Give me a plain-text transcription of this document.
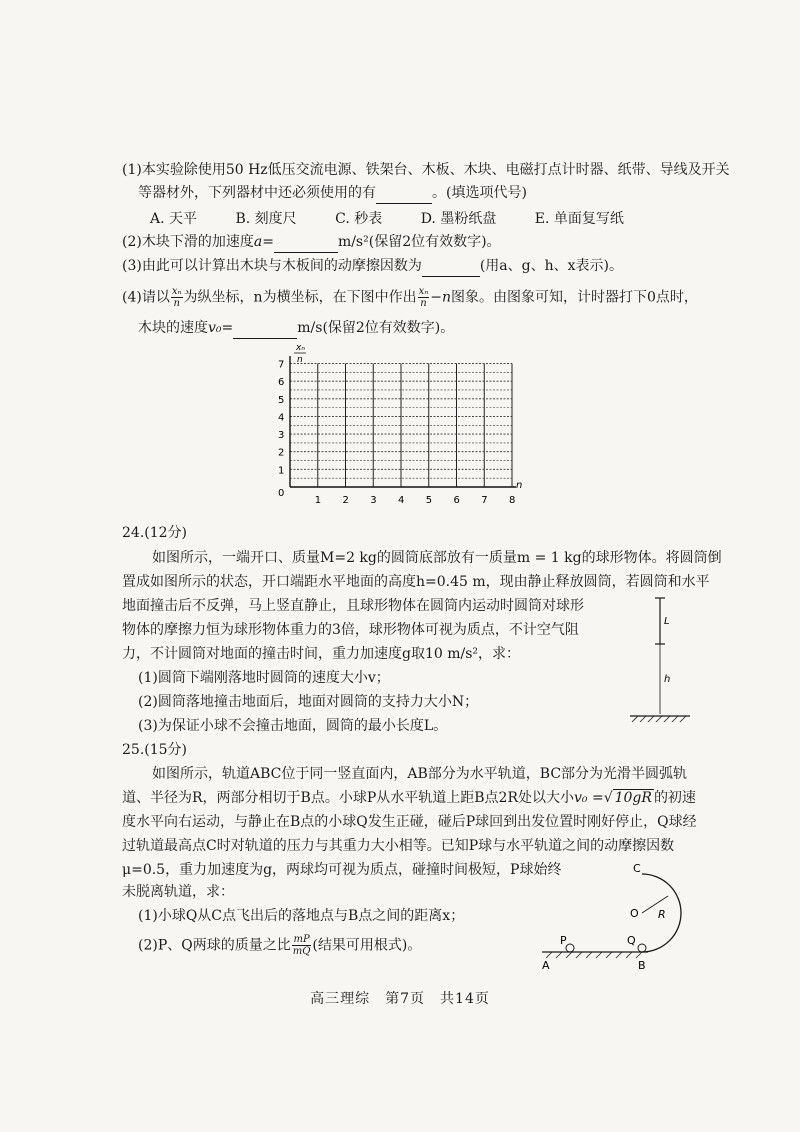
(1)本实验除使用50 Hz低压交流电源、铁架台、木板、木块、电磁打点计时器、纸带、导线及开关
等器材外，下列器材中还必须使用的有	。(填选项代号)
A. 天平	B. 刻度尺	C. 秒表	D. 墨粉纸盘	E. 单面复写纸
(2)木块下滑的加速度a=	m/s²(保留2位有效数字)。
(3)由此可以计算出木块与木板间的动摩擦因数为	(用a、g、h、x表示)。
(4)请以 $\frac{\text{xₙ}}{n}$ 为纵坐标，n为横坐标，在下图中作出 $\frac{\text{xₙ}}{n} -n$图象。由图象可知，计时器打下0点时，
木块的速度v₀=	m/s(保留2位有效数字)。
1 2 3 4 5 6 7 8
1
2
3
4
5
6
7
xₙ
n
n
0
24.(12分)
如图所示，一端开口、质量M=2 kg的圆筒底部放有一质量m = 1 kg的球形物体。将圆筒倒
置成如图所示的状态，开口端距水平地面的高度h=0.45 m，现由静止释放圆筒，若圆筒和水平
地面撞击后不反弹，马上竖直静止，且球形物体在圆筒内运动时圆筒对球形
物体的摩擦力恒为球形物体重力的3倍，球形物体可视为质点，不计空气阻
力，不计圆筒对地面的撞击时间，重力加速度g取10 m/s²，求：
(1)圆筒下端刚落地时圆筒的速度大小v；
(2)圆筒落地撞击地面后，地面对圆筒的支持力大小N；
(3)为保证小球不会撞击地面，圆筒的最小长度L。
L
h
25.(15分)
如图所示，轨道ABC位于同一竖直面内，AB部分为水平轨道，BC部分为光滑半圆弧轨
道、半径为R，两部分相切于B点。小球P从水平轨道上距B点2R处以大小v₀ =√ 10gR 的初速
度水平向右运动，与静止在B点的小球Q发生正碰，碰后P球回到出发位置时刚好停止，Q球经
过轨道最高点C时对轨道的压力与其重力大小相等。已知P球与水平轨道之间的动摩擦因数
μ=0.5，重力加速度为g，两球均可视为质点，碰撞时间极短，P球始终
未脱离轨道，求：
(1)小球Q从C点飞出后的落地点与B点之间的距离x；
(2)P、Q两球的质量之比 $\frac{mP}{mQ}$ (结果可用根式)。
C
O R
P	Q
A	B
高三理综　第7页　共14页
